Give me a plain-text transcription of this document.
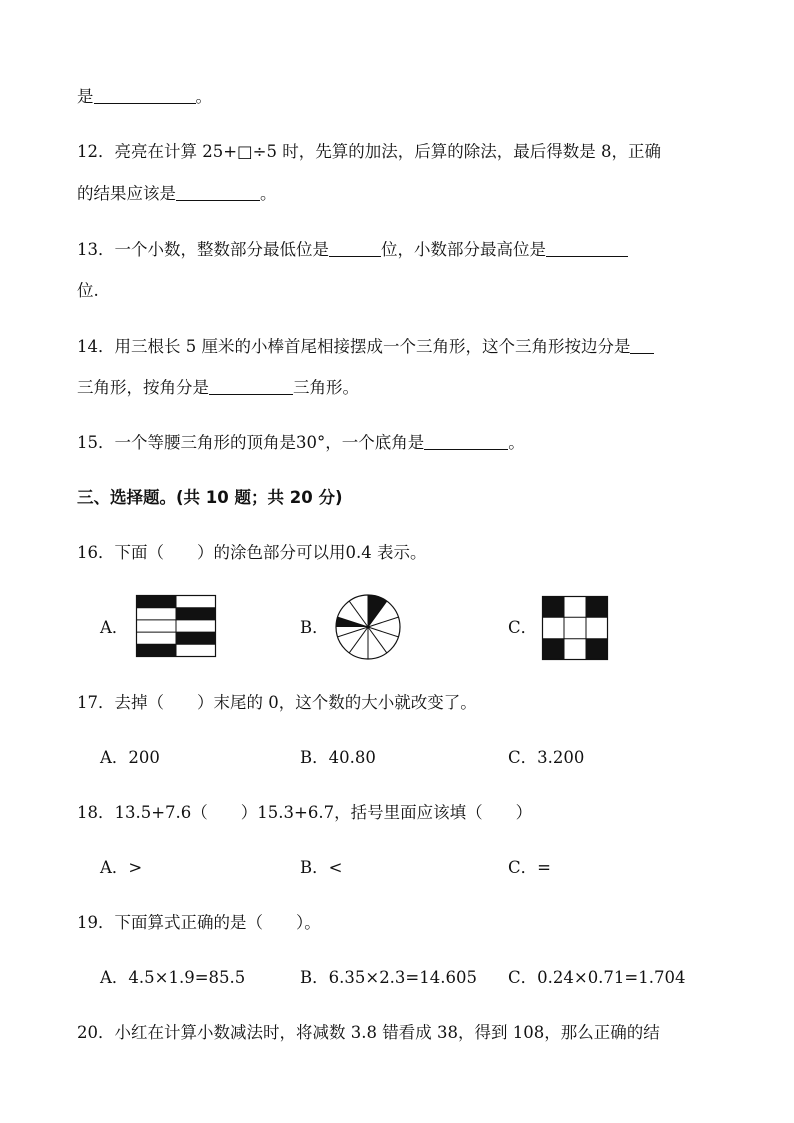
是	。
12．亮亮在计算 25+□÷5 时，先算的加法，后算的除法，最后得数是 8，正确
的结果应该是	。
13．一个小数，整数部分最低位是	位，小数部分最高位是
位.
14．用三根长 5 厘米的小棒首尾相接摆成一个三角形，这个三角形按边分是
三角形，按角分是	三角形。
15．一个等腰三角形的顶角是30°，一个底角是	。
三、选择题。(共 10 题；共 20 分)
16．下面（　　）的涂色部分可以用0.4 表示。
A．	B．	C．
17．去掉（　　）末尾的 0，这个数的大小就改变了。
A．200	B．40.80	C．3.200
18．13.5+7.6（　　）15.3+6.7，括号里面应该填（　　）
A．>	B．<	C．=
19．下面算式正确的是（　　）。
A．4.5×1.9=85.5	B．6.35×2.3=14.605 C．0.24×0.71=1.704
20．小红在计算小数减法时，将减数 3.8 错看成 38，得到 108，那么正确的结
